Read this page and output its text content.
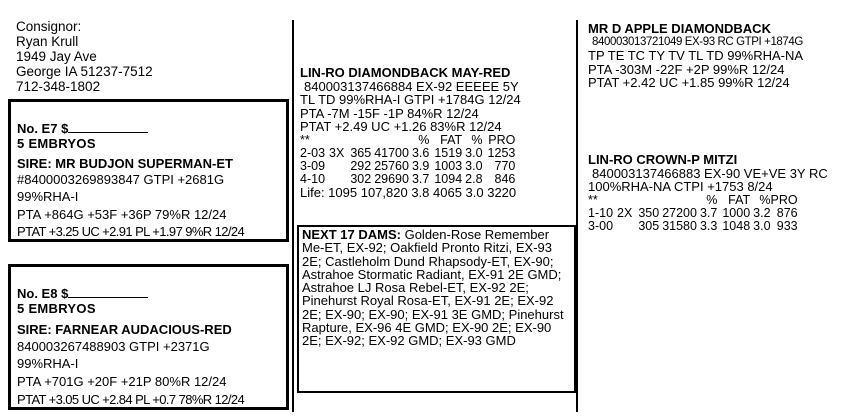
Consignor:
Ryan Krull
1949 Jay Ave
George IA 51237-7512
712-348-1802
No. E7 $
5 EMBRYOS
SIRE: MR BUDJON SUPERMAN-ET
#8400003269893847 GTPI +2681G
99%RHA-I
PTA +864G +53F +36P 79%R 12/24
PTAT +3.25 UC +2.91 PL +1.97 9%R 12/24
No. E8 $
5 EMBRYOS
SIRE: FARNEAR AUDACIOUS-RED
840003267488903 GTPI +2371G
99%RHA-I
PTA +701G +20F +21P 80%R 12/24
PTAT +3.05 UC +2.84 PL +0.7 78%R 12/24
LIN-RO DIAMONDBACK MAY-RED
840003137466884 EX-92 EEEEE 5Y
TL TD 99%RHA-I GTPI +1784G 12/24
PTA -7M -15F -1P 84%R 12/24
PTAT +2.49 UC +1.26 83%R 12/24
**				%	FAT	%	PRO
2-03	3X	365	41700	3.6	1519	3.0	1253
3-09		292	25760	3.9	1003	3.0	770
4-10		302	29690	3.7	1094	2.8	846
Life: 1095 107,820 3.8 4065 3.0 3220
NEXT 17 DAMS: Golden-Rose Remember Me-ET, EX-92; Oakfield Pronto Ritzi, EX-93 2E; Castleholm Dund Rhapsody-ET, EX-90; Astrahoe Stormatic Radiant, EX-91 2E GMD; Astrahoe LJ Rosa Rebel-ET, EX-92 2E; Pinehurst Royal Rosa-ET, EX-91 2E; EX-92 2E; EX-90; EX-90; EX-91 3E GMD; Pinehurst Rapture, EX-96 4E GMD; EX-90 2E; EX-90 2E; EX-92; EX-92 GMD; EX-93 GMD
MR D APPLE DIAMONDBACK
840003013721049 EX-93 RC GTPI +1874G
TP TE TC TY TV TL TD 99%RHA-NA
PTA -303M -22F +2P 99%R 12/24
PTAT +2.42 UC +1.85 99%R 12/24
LIN-RO CROWN-P MITZI
840003137466883 EX-90 VE+VE 3Y RC
100%RHA-NA CTPI +1753 8/24
**				%	FAT	%	PRO
1-10	2X	350	27200	3.7	1000	3.2	876
3-00		305	31580	3.3	1048	3.0	933
